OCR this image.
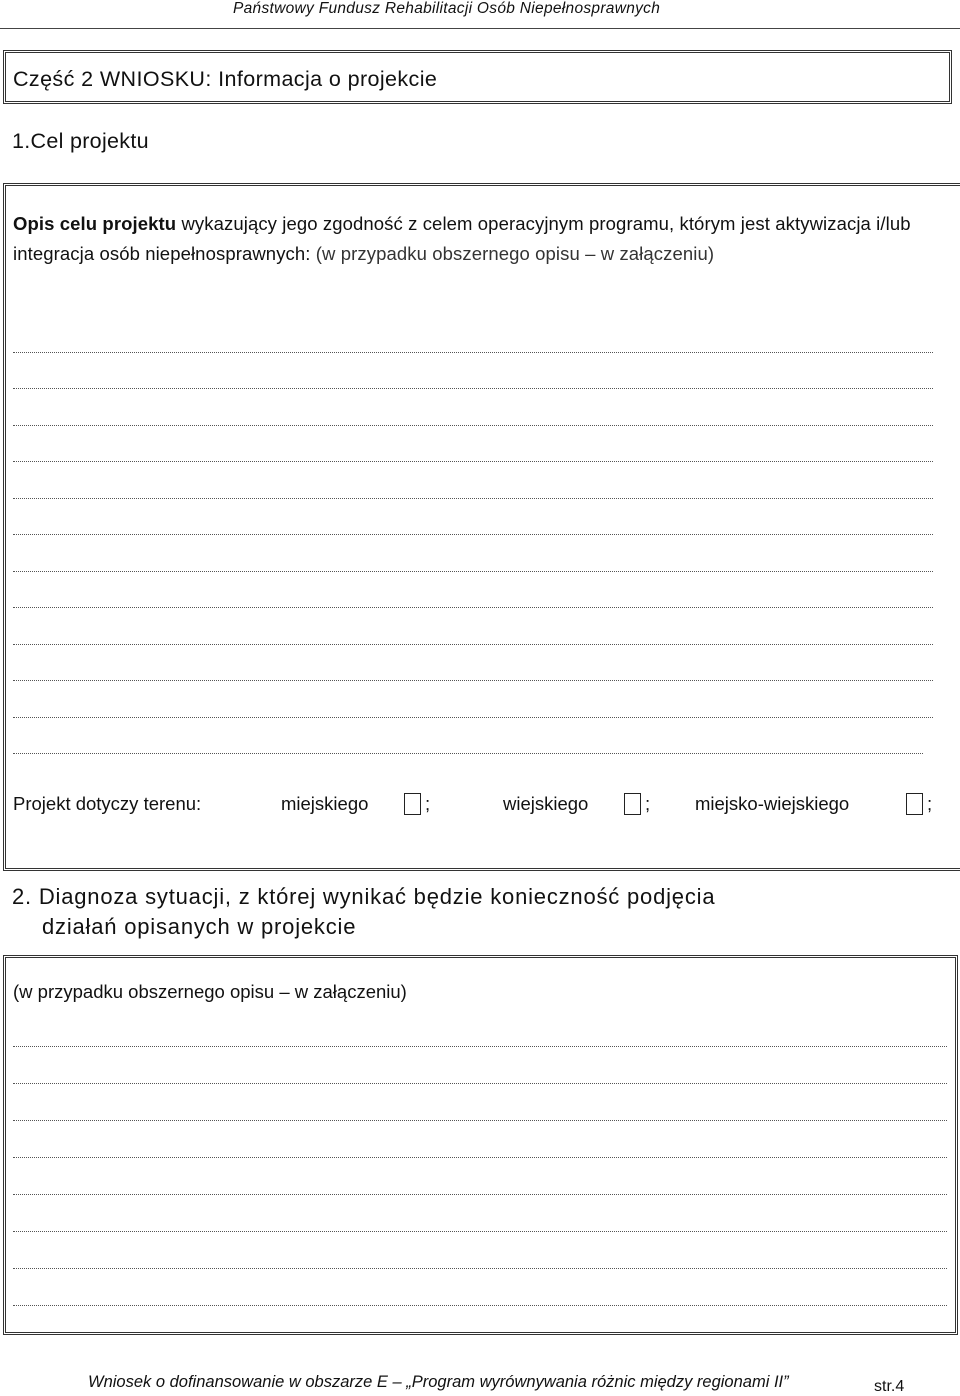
Państwowy Fundusz Rehabilitacji Osób Niepełnosprawnych
Część 2 WNIOSKU: Informacja o projekcie
1.Cel projektu
Opis celu projektu wykazujący jego zgodność z celem operacyjnym programu, którym jest aktywizacja i/lub integracja osób niepełnosprawnych: (w przypadku obszernego opisu – w załączeniu)
Projekt dotyczy terenu:	miejskiego	;	wiejskiego	; miejsko-wiejskiego	;
2. Diagnoza sytuacji, z której wynikać będzie konieczność podjęcia
działań opisanych w projekcie
(w przypadku obszernego opisu – w załączeniu)
Wniosek o dofinansowanie w obszarze E – „Program wyrównywania różnic między regionami II”	str.4
